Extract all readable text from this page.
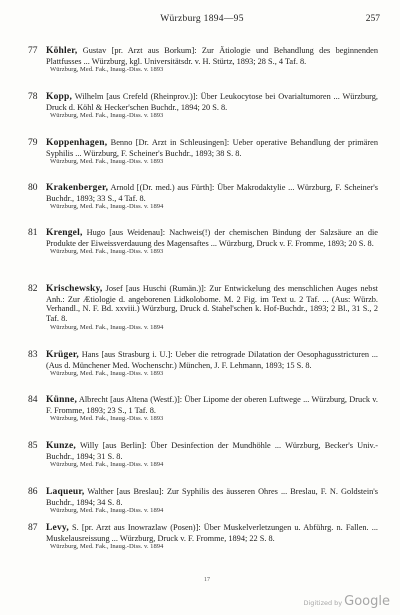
Würzburg 1894—95	257
77 Köhler, Gustav [pr. Arzt aus Borkum]: Zur Ätiologie und Behandlung des beginnenden Plattfusses ... Würzburg, kgl. Universitätsdr. v. H. Stürtz, 1893; 28 S., 4 Taf. 8.
Würzburg, Med. Fak., Inaug.-Diss. v. 1893
78 Kopp, Wilhelm [aus Crefeld (Rheinprov.)]: Über Leukocytose bei Ovarialtumoren ... Würzburg, Druck d. Köhl & Hecker'schen Buchdr., 1894; 20 S. 8.
Würzburg, Med. Fak., Inaug.-Diss. v. 1893
79 Koppenhagen, Benno [Dr. Arzt in Schleusingen]: Ueber operative Behandlung der primären Syphilis ... Würzburg, F. Scheiner's Buchdr., 1893; 38 S. 8.
Würzburg, Med. Fak., Inaug.-Diss. v. 1893
80 Krakenberger, Arnold [(Dr. med.) aus Fürth]: Über Makrodaktylie ... Würzburg, F. Scheiner's Buchdr., 1893; 33 S., 4 Taf. 8.
Würzburg, Med. Fak., Inaug.-Diss. v. 1894
81 Krengel, Hugo [aus Weidenau]: Nachweis(!) der chemischen Bindung der Salzsäure an die Produkte der Eiweissverdauung des Magensaftes ... Würzburg, Druck v. F. Fromme, 1893; 20 S. 8.
Würzburg, Med. Fak., Inaug.-Diss. v. 1893
82 Krischewsky, Josef [aus Huschi (Rumän.)]: Zur Entwickelung des menschlichen Auges nebst Anh.: Zur Ætiologie d. angeborenen Lidkolobome. M. 2 Fig. im Text u. 2 Taf. ... (Aus: Würzb. Verhandl., N. F. Bd. xxviii.) Würzburg, Druck d. Stahel'schen k. Hof-Buchdr., 1893; 2 Bl., 31 S., 2 Taf. 8.
Würzburg, Med. Fak., Inaug.-Diss. v. 1894
83 Krüger, Hans [aus Strasburg i. U.]: Ueber die retrograde Dilatation der Oesophagusstricturen ... (Aus d. Münchener Med. Wochenschr.) München, J. F. Lehmann, 1893; 15 S. 8.
Würzburg, Med. Fak., Inaug.-Diss. v. 1893
84 Künne, Albrecht [aus Altena (Westf.)]: Über Lipome der oberen Luftwege ... Würzburg, Druck v. F. Fromme, 1893; 23 S., 1 Taf. 8.
Würzburg, Med. Fak., Inaug.-Diss. v. 1893
85 Kunze, Willy [aus Berlin]: Über Desinfection der Mundhöhle ... Würzburg, Becker's Univ.-Buchdr., 1894; 31 S. 8.
Würzburg, Med. Fak., Inaug.-Diss. v. 1894
86 Laqueur, Walther [aus Breslau]: Zur Syphilis des äusseren Ohres ... Breslau, F. N. Goldstein's Buchdr., 1894; 34 S. 8.
Würzburg, Med. Fak., Inaug.-Diss. v. 1894
87 Levy, S. [pr. Arzt aus Inowrazlaw (Posen)]: Über Muskelverletzungen u. Abführg. n. Fallen. ... Muskelausreissung ... Würzburg, Druck v. F. Fromme, 1894; 22 S. 8.
Würzburg, Med. Fak., Inaug.-Diss. v. 1894
17
Digitized by Google
